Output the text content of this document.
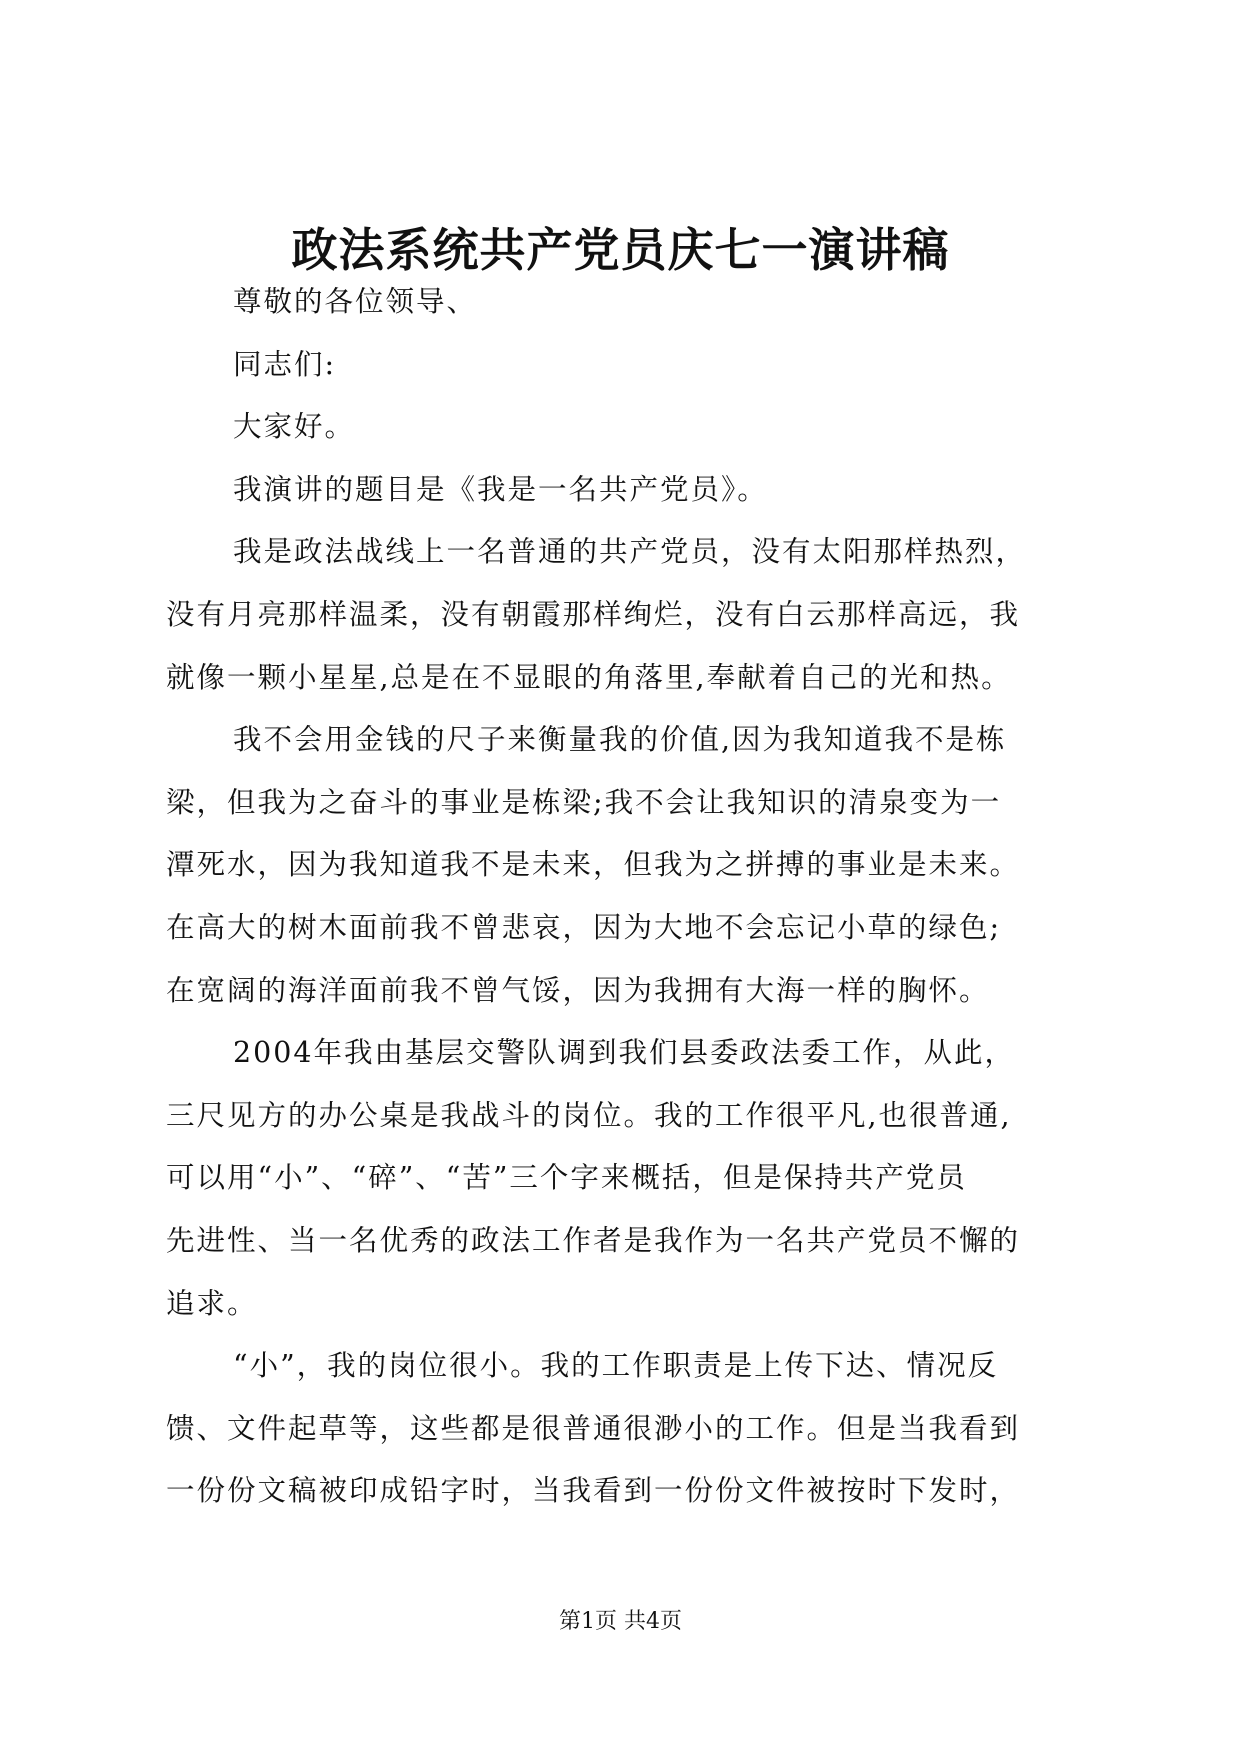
政法系统共产党员庆七一演讲稿
尊敬的各位领导、
同志们:
大家好。
我演讲的题目是《我是一名共产党员》。
我是政法战线上一名普通的共产党员，没有太阳那样热烈，
没有月亮那样温柔，没有朝霞那样绚烂，没有白云那样高远，我
就像一颗小星星,总是在不显眼的角落里,奉献着自己的光和热。
我不会用金钱的尺子来衡量我的价值,因为我知道我不是栋
梁，但我为之奋斗的事业是栋梁;我不会让我知识的清泉变为一
潭死水，因为我知道我不是未来，但我为之拼搏的事业是未来。
在高大的树木面前我不曾悲哀，因为大地不会忘记小草的绿色;
在宽阔的海洋面前我不曾气馁，因为我拥有大海一样的胸怀。
2004年我由基层交警队调到我们县委政法委工作，从此，
三尺见方的办公桌是我战斗的岗位。我的工作很平凡,也很普通,
可以用“小”、“碎”、“苦”三个字来概括，但是保持共产党员
先进性、当一名优秀的政法工作者是我作为一名共产党员不懈的
追求。
“小”，我的岗位很小。我的工作职责是上传下达、情况反
馈、文件起草等，这些都是很普通很渺小的工作。但是当我看到
一份份文稿被印成铅字时，当我看到一份份文件被按时下发时，
第1页 共4页
